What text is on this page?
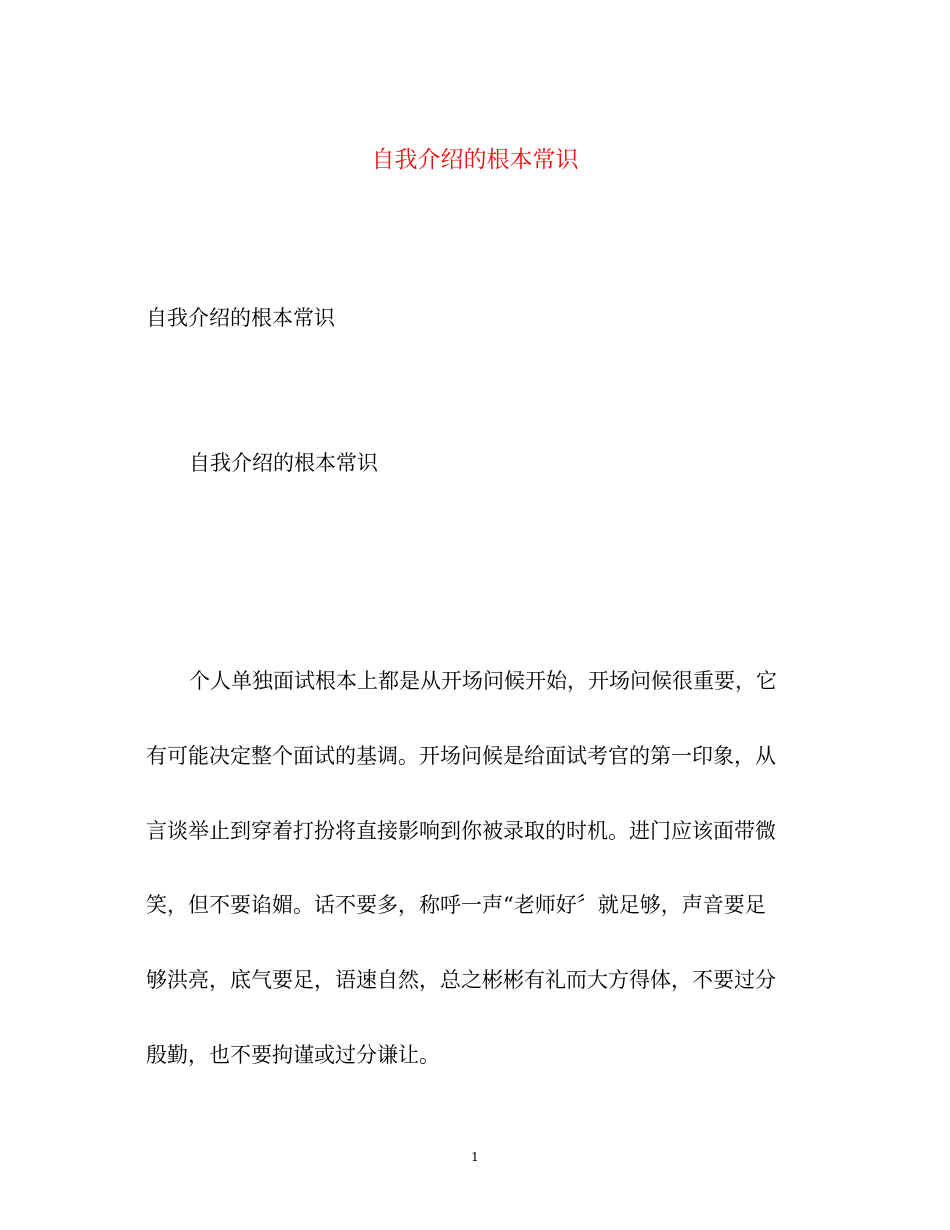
自我介绍的根本常识
自我介绍的根本常识
自我介绍的根本常识
个人单独面试根本上都是从开场问候开始，开场问候很重要，它
有可能决定整个面试的基调。开场问候是给面试考官的第一印象，从
言谈举止到穿着打扮将直接影响到你被录取的时机。进门应该面带微
笑，但不要谄媚。话不要多，称呼一声“老师好〞就足够，声音要足
够洪亮，底气要足，语速自然，总之彬彬有礼而大方得体，不要过分
殷勤，也不要拘谨或过分谦让。
1
